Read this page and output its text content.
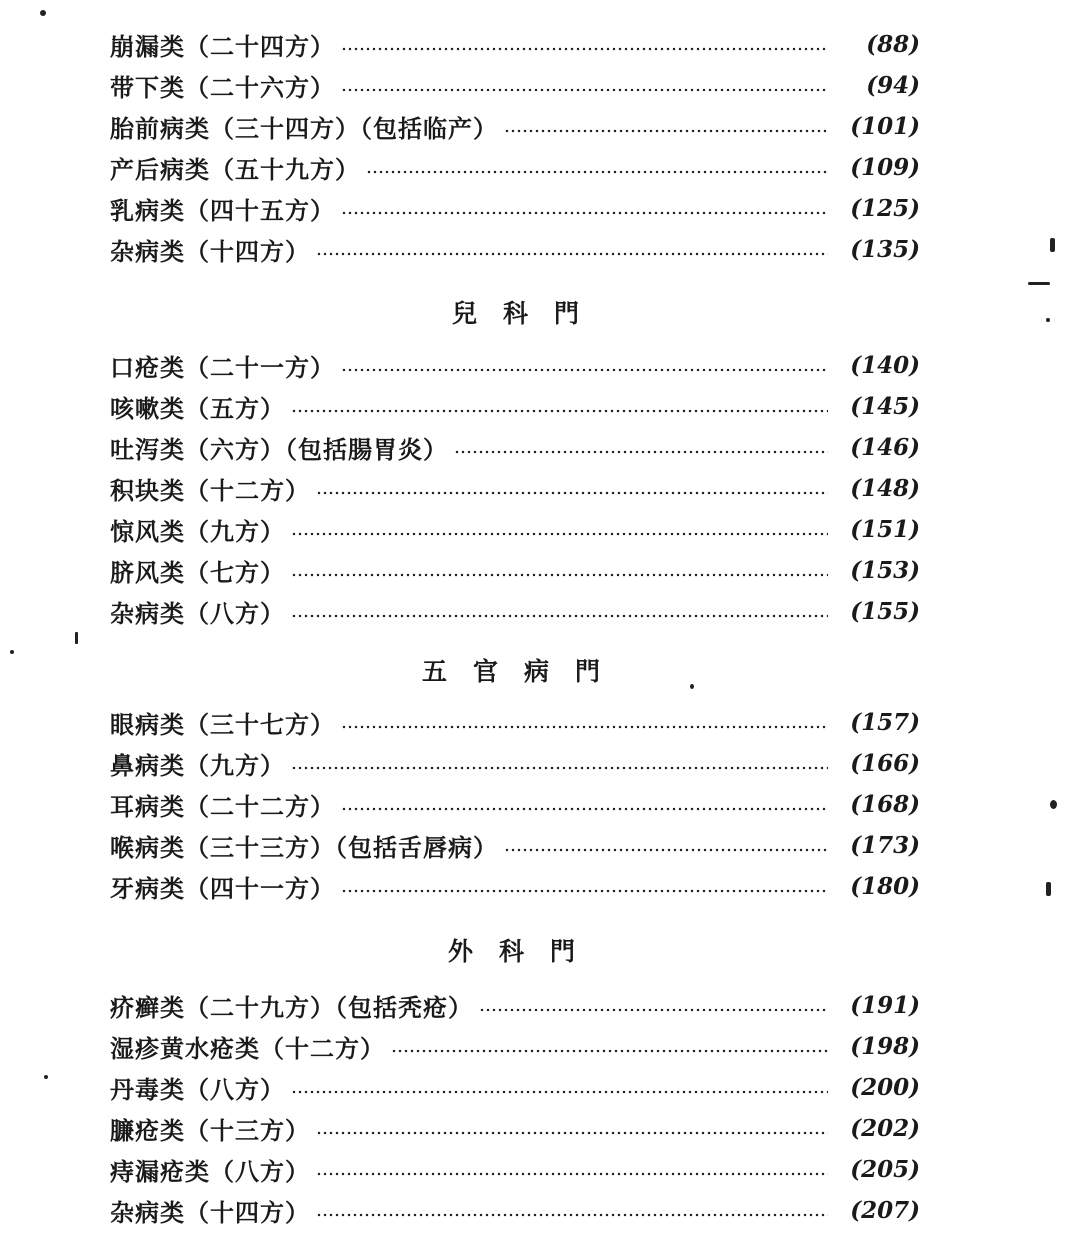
崩漏类（二十四方）	(88)
带下类（二十六方）	(94)
胎前病类（三十四方）（包括临产）	(101)
产后病类（五十九方）	(109)
乳病类（四十五方）	(125)
杂病类（十四方）	(135)
兒科門
口疮类（二十一方）	(140)
咳嗽类（五方）	(145)
吐泻类（六方）（包括腸胃炎）	(146)
积块类（十二方）	(148)
惊风类（九方）	(151)
脐风类（七方）	(153)
杂病类（八方）	(155)
五官病門
眼病类（三十七方）	(157)
鼻病类（九方）	(166)
耳病类（二十二方）	(168)
喉病类（三十三方）（包括舌唇病）	(173)
牙病类（四十一方）	(180)
外科門
疥癣类（二十九方）（包括秃疮）	(191)
湿疹黄水疮类（十二方）	(198)
丹毒类（八方）	(200)
臁疮类（十三方）	(202)
痔漏疮类（八方）	(205)
杂病类（十四方）	(207)
